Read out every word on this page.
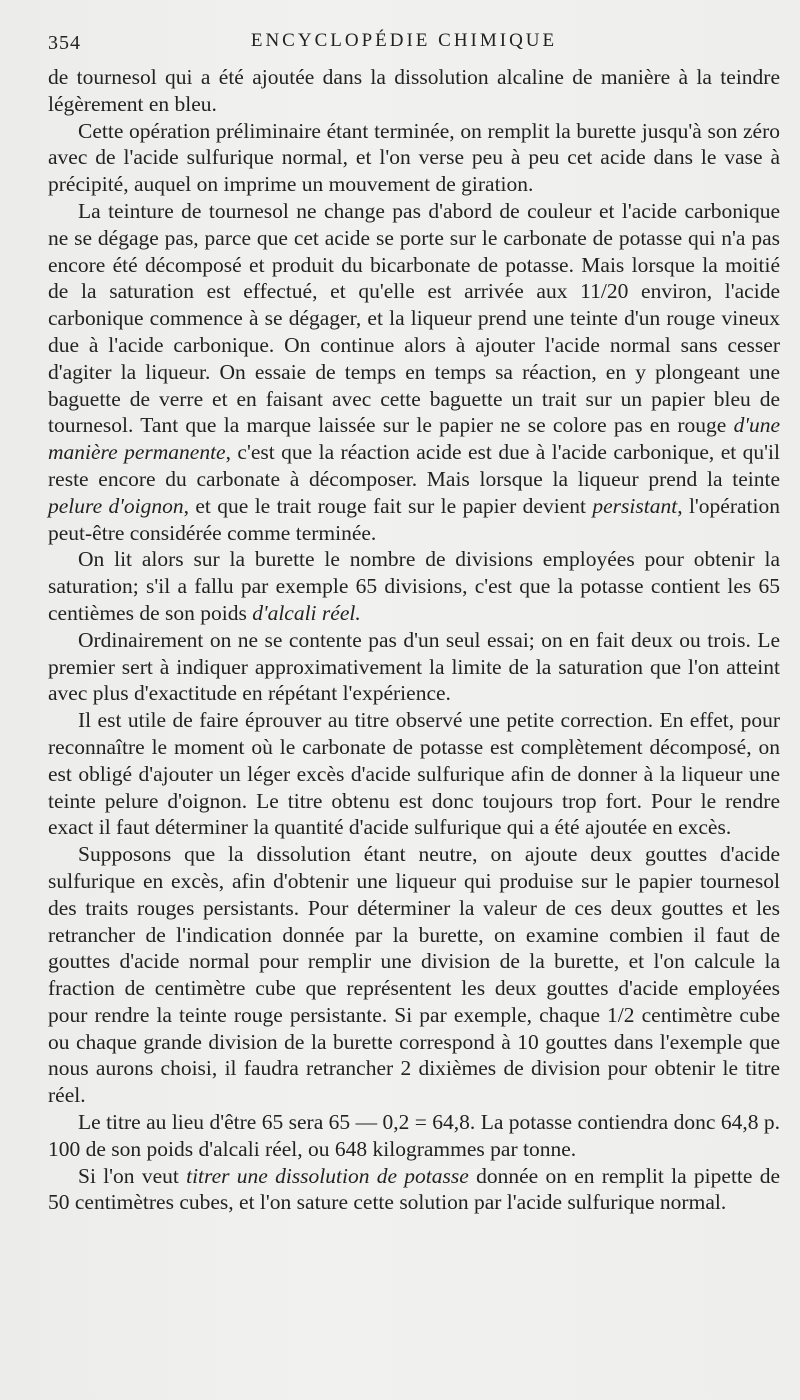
354	ENCYCLOPÉDIE CHIMIQUE

de tournesol qui a été ajoutée dans la dissolution alcaline de manière à la teindre légèrement en bleu.

Cette opération préliminaire étant terminée, on remplit la burette jusqu'à son zéro avec de l'acide sulfurique normal, et l'on verse peu à peu cet acide dans le vase à précipité, auquel on imprime un mouvement de giration.

La teinture de tournesol ne change pas d'abord de couleur et l'acide carbonique ne se dégage pas, parce que cet acide se porte sur le carbonate de potasse qui n'a pas encore été décomposé et produit du bicarbonate de potasse. Mais lorsque la moitié de la saturation est effectué, et qu'elle est arrivée aux 11/20 environ, l'acide carbonique commence à se dégager, et la liqueur prend une teinte d'un rouge vineux due à l'acide carbonique. On continue alors à ajouter l'acide normal sans cesser d'agiter la liqueur. On essaie de temps en temps sa réaction, en y plongeant une baguette de verre et en faisant avec cette baguette un trait sur un papier bleu de tournesol. Tant que la marque laissée sur le papier ne se colore pas en rouge d'une manière permanente, c'est que la réaction acide est due à l'acide carbonique, et qu'il reste encore du carbonate à décomposer. Mais lorsque la liqueur prend la teinte pelure d'oignon, et que le trait rouge fait sur le papier devient persistant, l'opération peut-être considérée comme terminée.

On lit alors sur la burette le nombre de divisions employées pour obtenir la saturation; s'il a fallu par exemple 65 divisions, c'est que la potasse contient les 65 centièmes de son poids d'alcali réel.

Ordinairement on ne se contente pas d'un seul essai; on en fait deux ou trois. Le premier sert à indiquer approximativement la limite de la saturation que l'on atteint avec plus d'exactitude en répétant l'expérience.

Il est utile de faire éprouver au titre observé une petite correction. En effet, pour reconnaître le moment où le carbonate de potasse est complètement décomposé, on est obligé d'ajouter un léger excès d'acide sulfurique afin de donner à la liqueur une teinte pelure d'oignon. Le titre obtenu est donc toujours trop fort. Pour le rendre exact il faut déterminer la quantité d'acide sulfurique qui a été ajoutée en excès.

Supposons que la dissolution étant neutre, on ajoute deux gouttes d'acide sulfurique en excès, afin d'obtenir une liqueur qui produise sur le papier tournesol des traits rouges persistants. Pour déterminer la valeur de ces deux gouttes et les retrancher de l'indication donnée par la burette, on examine combien il faut de gouttes d'acide normal pour remplir une division de la burette, et l'on calcule la fraction de centimètre cube que représentent les deux gouttes d'acide employées pour rendre la teinte rouge persistante. Si par exemple, chaque 1/2 centimètre cube ou chaque grande division de la burette correspond à 10 gouttes dans l'exemple que nous aurons choisi, il faudra retrancher 2 dixièmes de division pour obtenir le titre réel.

Le titre au lieu d'être 65 sera 65 — 0,2 = 64,8. La potasse contiendra donc 64,8 p. 100 de son poids d'alcali réel, ou 648 kilogrammes par tonne.

Si l'on veut titrer une dissolution de potasse donnée on en remplit la pipette de 50 centimètres cubes, et l'on sature cette solution par l'acide sulfurique normal.
